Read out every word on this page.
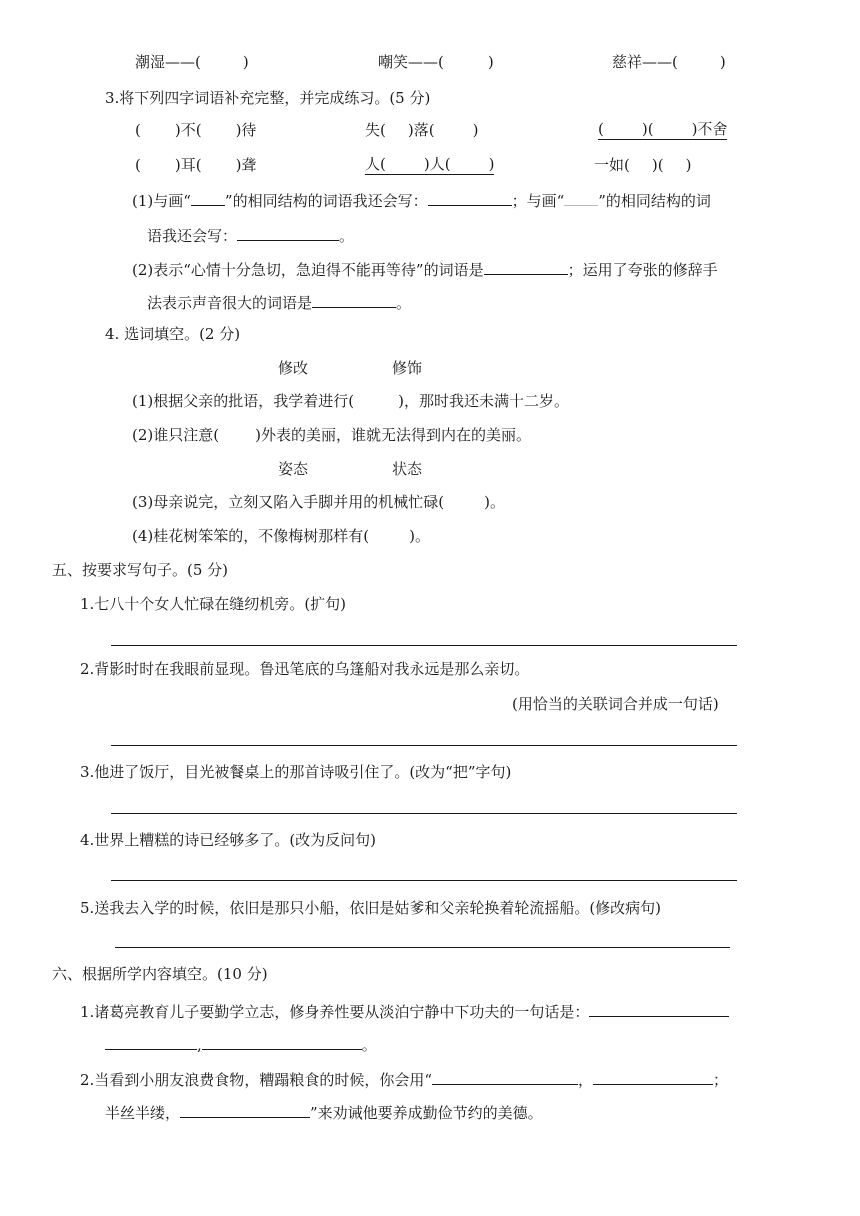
潮湿——(	)	嘲笑——(	)	慈祥——(	)
3.将下列四字词语补充完整，并完成练习。(5 分)
( )不( )待	失( )落(	)	(	)(	)不舍
( )耳( )聋	人(	)人(	)	一如( )( )
(1)与画“ ”的相同结构的词语我还会写：	；与画“ ”的相同结构的词
语我还会写：	。
(2)表示“心情十分急切，急迫得不能再等待”的词语是	；运用了夸张的修辞手
法表示声音很大的词语是	。
4. 选词填空。(2 分)
修改	修饰
(1)根据父亲的批语，我学着进行(	)，那时我还未满十二岁。
(2)谁只注意( )外表的美丽，谁就无法得到内在的美丽。
姿态	状态
(3)母亲说完，立刻又陷入手脚并用的机械忙碌(	)。
(4)桂花树笨笨的，不像梅树那样有(	)。
五、按要求写句子。(5 分)
1.七八十个女人忙碌在缝纫机旁。(扩句)
2.背影时时在我眼前显现。鲁迅笔底的乌篷船对我永远是那么亲切。
(用恰当的关联词合并成一句话)
3.他进了饭厅，目光被餐桌上的那首诗吸引住了。(改为“把”字句)
4.世界上糟糕的诗已经够多了。(改为反问句)
5.送我去入学的时候，依旧是那只小船，依旧是姑爹和父亲轮换着轮流摇船。(修改病句)
六、根据所学内容填空。(10 分)
1.诸葛亮教育儿子要勤学立志，修身养性要从淡泊宁静中下功夫的一句话是：
,	。
2.当看到小朋友浪费食物，糟蹋粮食的时候，你会用“	，	；
半丝半缕，	”来劝诫他要养成勤俭节约的美德。
